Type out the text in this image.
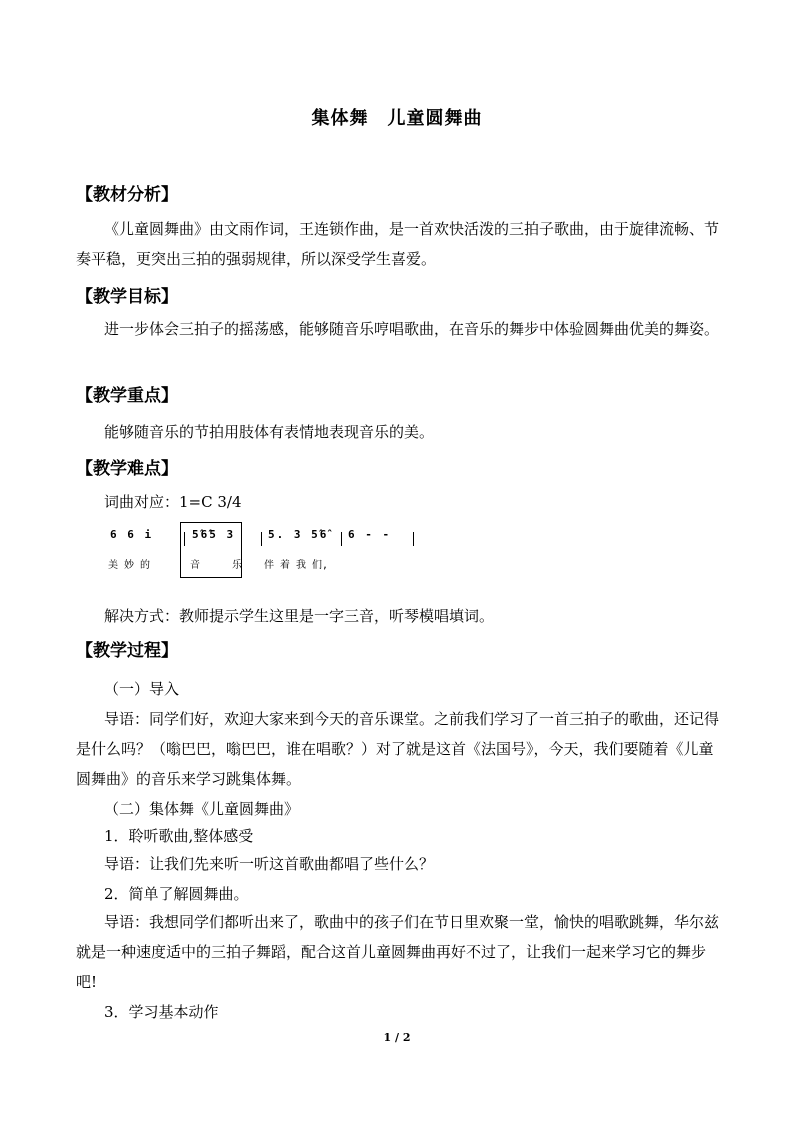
集体舞　儿童圆舞曲
【教材分析】
《儿童圆舞曲》由文雨作词，王连锁作曲，是一首欢快活泼的三拍子歌曲，由于旋律流畅、节奏平稳，更突出三拍的强弱规律，所以深受学生喜爱。
【教学目标】
进一步体会三拍子的摇荡感，能够随音乐哼唱歌曲，在音乐的舞步中体验圆舞曲优美的舞姿。
【教学重点】
能够随音乐的节拍用肢体有表情地表现音乐的美。
【教学难点】
词曲对应：1=C 3/4
6 6 i	5̂6̂5 3	5. 3 5̂6̂ 6 - -
美 妙 的	音	乐 伴 着 我 们,
解决方式：教师提示学生这里是一字三音，听琴模唱填词。
【教学过程】
（一）导入
导语：同学们好，欢迎大家来到今天的音乐课堂。之前我们学习了一首三拍子的歌曲，还记得是什么吗？（嗡巴巴，嗡巴巴，谁在唱歌？）对了就是这首《法国号》，今天，我们要随着《儿童圆舞曲》的音乐来学习跳集体舞。
（二）集体舞《儿童圆舞曲》
1．聆听歌曲,整体感受
导语：让我们先来听一听这首歌曲都唱了些什么？
2．简单了解圆舞曲。
导语：我想同学们都听出来了，歌曲中的孩子们在节日里欢聚一堂，愉快的唱歌跳舞，华尔兹就是一种速度适中的三拍子舞蹈，配合这首儿童圆舞曲再好不过了，让我们一起来学习它的舞步吧!
3．学习基本动作
1 / 2
